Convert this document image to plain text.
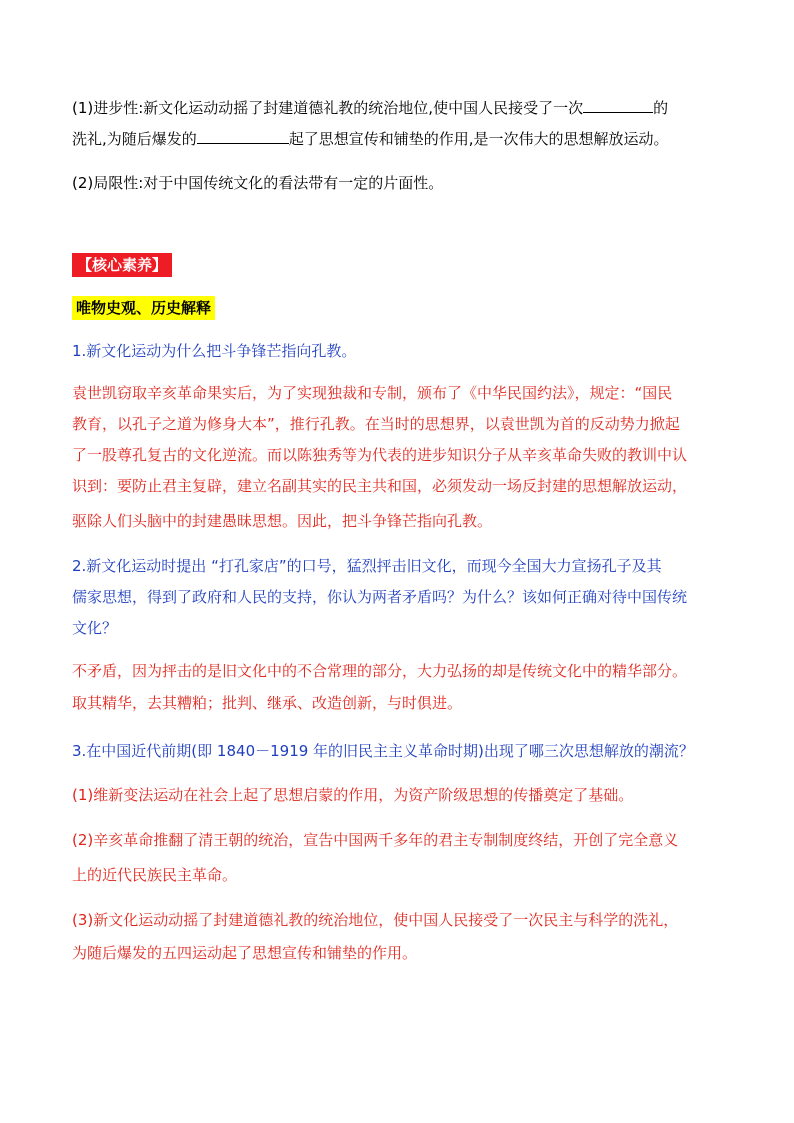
(1)进步性:新文化运动动摇了封建道德礼教的统治地位,使中国人民接受了一次	的
洗礼,为随后爆发的	起了思想宣传和铺垫的作用,是一次伟大的思想解放运动。
(2)局限性:对于中国传统文化的看法带有一定的片面性。
【核心素养】
唯物史观、历史解释
1.新文化运动为什么把斗争锋芒指向孔教。
袁世凯窃取辛亥革命果实后，为了实现独裁和专制，颁布了《中华民国约法》，规定：“国民
教育，以孔子之道为修身大本”，推行孔教。在当时的思想界，以袁世凯为首的反动势力掀起
了一股尊孔复古的文化逆流。而以陈独秀等为代表的进步知识分子从辛亥革命失败的教训中认
识到：要防止君主复辟，建立名副其实的民主共和国，必须发动一场反封建的思想解放运动，
驱除人们头脑中的封建愚昧思想。因此，把斗争锋芒指向孔教。
2.新文化运动时提出 “打孔家店”的口号，猛烈抨击旧文化，而现今全国大力宣扬孔子及其
儒家思想，得到了政府和人民的支持，你认为两者矛盾吗？为什么？该如何正确对待中国传统
文化？
不矛盾，因为抨击的是旧文化中的不合常理的部分，大力弘扬的却是传统文化中的精华部分。
取其精华，去其糟粕；批判、继承、改造创新，与时俱进。
3.在中国近代前期(即 1840－1919 年的旧民主主义革命时期)出现了哪三次思想解放的潮流？
(1)维新变法运动在社会上起了思想启蒙的作用，为资产阶级思想的传播奠定了基础。
(2)辛亥革命推翻了清王朝的统治，宣告中国两千多年的君主专制制度终结，开创了完全意义
上的近代民族民主革命。
(3)新文化运动动摇了封建道德礼教的统治地位，使中国人民接受了一次民主与科学的洗礼，
为随后爆发的五四运动起了思想宣传和铺垫的作用。
